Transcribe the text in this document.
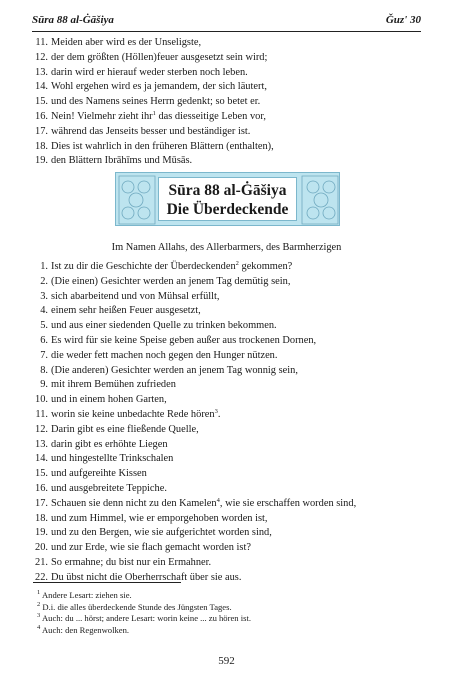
Sūra 88 al-Ġāšiya	Ǧuz' 30
11. Meiden aber wird es der Unseligste,
12. der dem größten (Höllen)feuer ausgesetzt sein wird;
13. darin wird er hierauf weder sterben noch leben.
14. Wohl ergehen wird es ja jemandem, der sich läutert,
15. und des Namens seines Herrn gedenkt; so betet er.
16. Nein! Vielmehr zieht ihr$^1$ das diesseitige Leben vor,
17. während das Jenseits besser und beständiger ist.
18. Dies ist wahrlich in den früheren Blättern (enthalten),
19. den Blättern Ibrāhīms und Mūsās.
Sūra 88 al-Ġāšiya
Die Überdeckende
Im Namen Allahs, des Allerbarmers, des Barmherzigen
1. Ist zu dir die Geschichte der Überdeckenden$^2$ gekommen?
2. (Die einen) Gesichter werden an jenem Tag demütig sein,
3. sich abarbeitend und von Mühsal erfüllt,
4. einem sehr heißen Feuer ausgesetzt,
5. und aus einer siedenden Quelle zu trinken bekommen.
6. Es wird für sie keine Speise geben außer aus trockenen Dornen,
7. die weder fett machen noch gegen den Hunger nützen.
8. (Die anderen) Gesichter werden an jenem Tag wonnig sein,
9. mit ihrem Bemühen zufrieden
10. und in einem hohen Garten,
11. worin sie keine unbedachte Rede hören$^3$.
12. Darin gibt es eine fließende Quelle,
13. darin gibt es erhöhte Liegen
14. und hingestellte Trinkschalen
15. und aufgereihte Kissen
16. und ausgebreitete Teppiche.
17. Schauen sie denn nicht zu den Kamelen$^4$, wie sie erschaffen worden sind,
18. und zum Himmel, wie er emporgehoben worden ist,
19. und zu den Bergen, wie sie aufgerichtet worden sind,
20. und zur Erde, wie sie flach gemacht worden ist?
21. So ermahne; du bist nur ein Ermahner.
22. Du übst nicht die Oberherrschaft über sie aus.
$^1$ Andere Lesart: ziehen sie.
$^2$ D.i. die alles überdeckende Stunde des Jüngsten Tages.
$^3$ Auch: du ... hörst; andere Lesart: worin keine ... zu hören ist.
$^4$ Auch: den Regenwolken.
592
